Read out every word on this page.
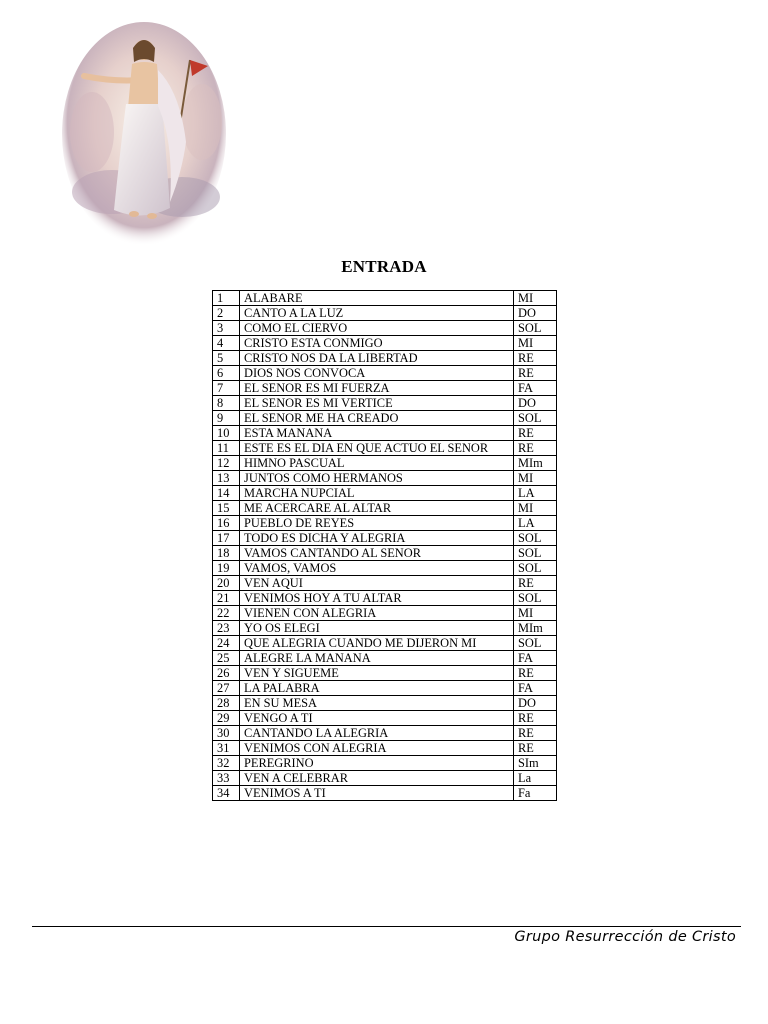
ENTRADA
1	ALABARE	MI
2	CANTO A LA LUZ	DO
3	COMO EL CIERVO	SOL
4	CRISTO ESTA CONMIGO	MI
5	CRISTO NOS DA LA LIBERTAD	RE
6	DIOS NOS CONVOCA	RE
7	EL SENOR ES MI FUERZA	FA
8	EL SENOR ES MI VERTICE	DO
9	EL SENOR ME HA CREADO	SOL
10	ESTA MANANA	RE
11	ESTE ES EL DIA EN QUE ACTUO EL SENOR	RE
12	HIMNO PASCUAL	MIm
13	JUNTOS COMO HERMANOS	MI
14	MARCHA NUPCIAL	LA
15	ME ACERCARE AL ALTAR	MI
16	PUEBLO DE REYES	LA
17	TODO ES DICHA Y ALEGRIA	SOL
18	VAMOS CANTANDO AL SENOR	SOL
19	VAMOS, VAMOS	SOL
20	VEN AQUI	RE
21	VENIMOS HOY A TU ALTAR	SOL
22	VIENEN CON ALEGRIA	MI
23	YO OS ELEGI	MIm
24	QUE ALEGRIA CUANDO ME DIJERON MI	SOL
25	ALEGRE LA MANANA	FA
26	VEN Y SIGUEME	RE
27	LA PALABRA	FA
28	EN SU MESA	DO
29	VENGO A TI	RE
30	CANTANDO LA ALEGRIA	RE
31	VENIMOS CON ALEGRIA	RE
32	PEREGRINO	SIm
33	VEN A CELEBRAR	La
34	VENIMOS A TI	Fa
Grupo Resurrección de Cristo
